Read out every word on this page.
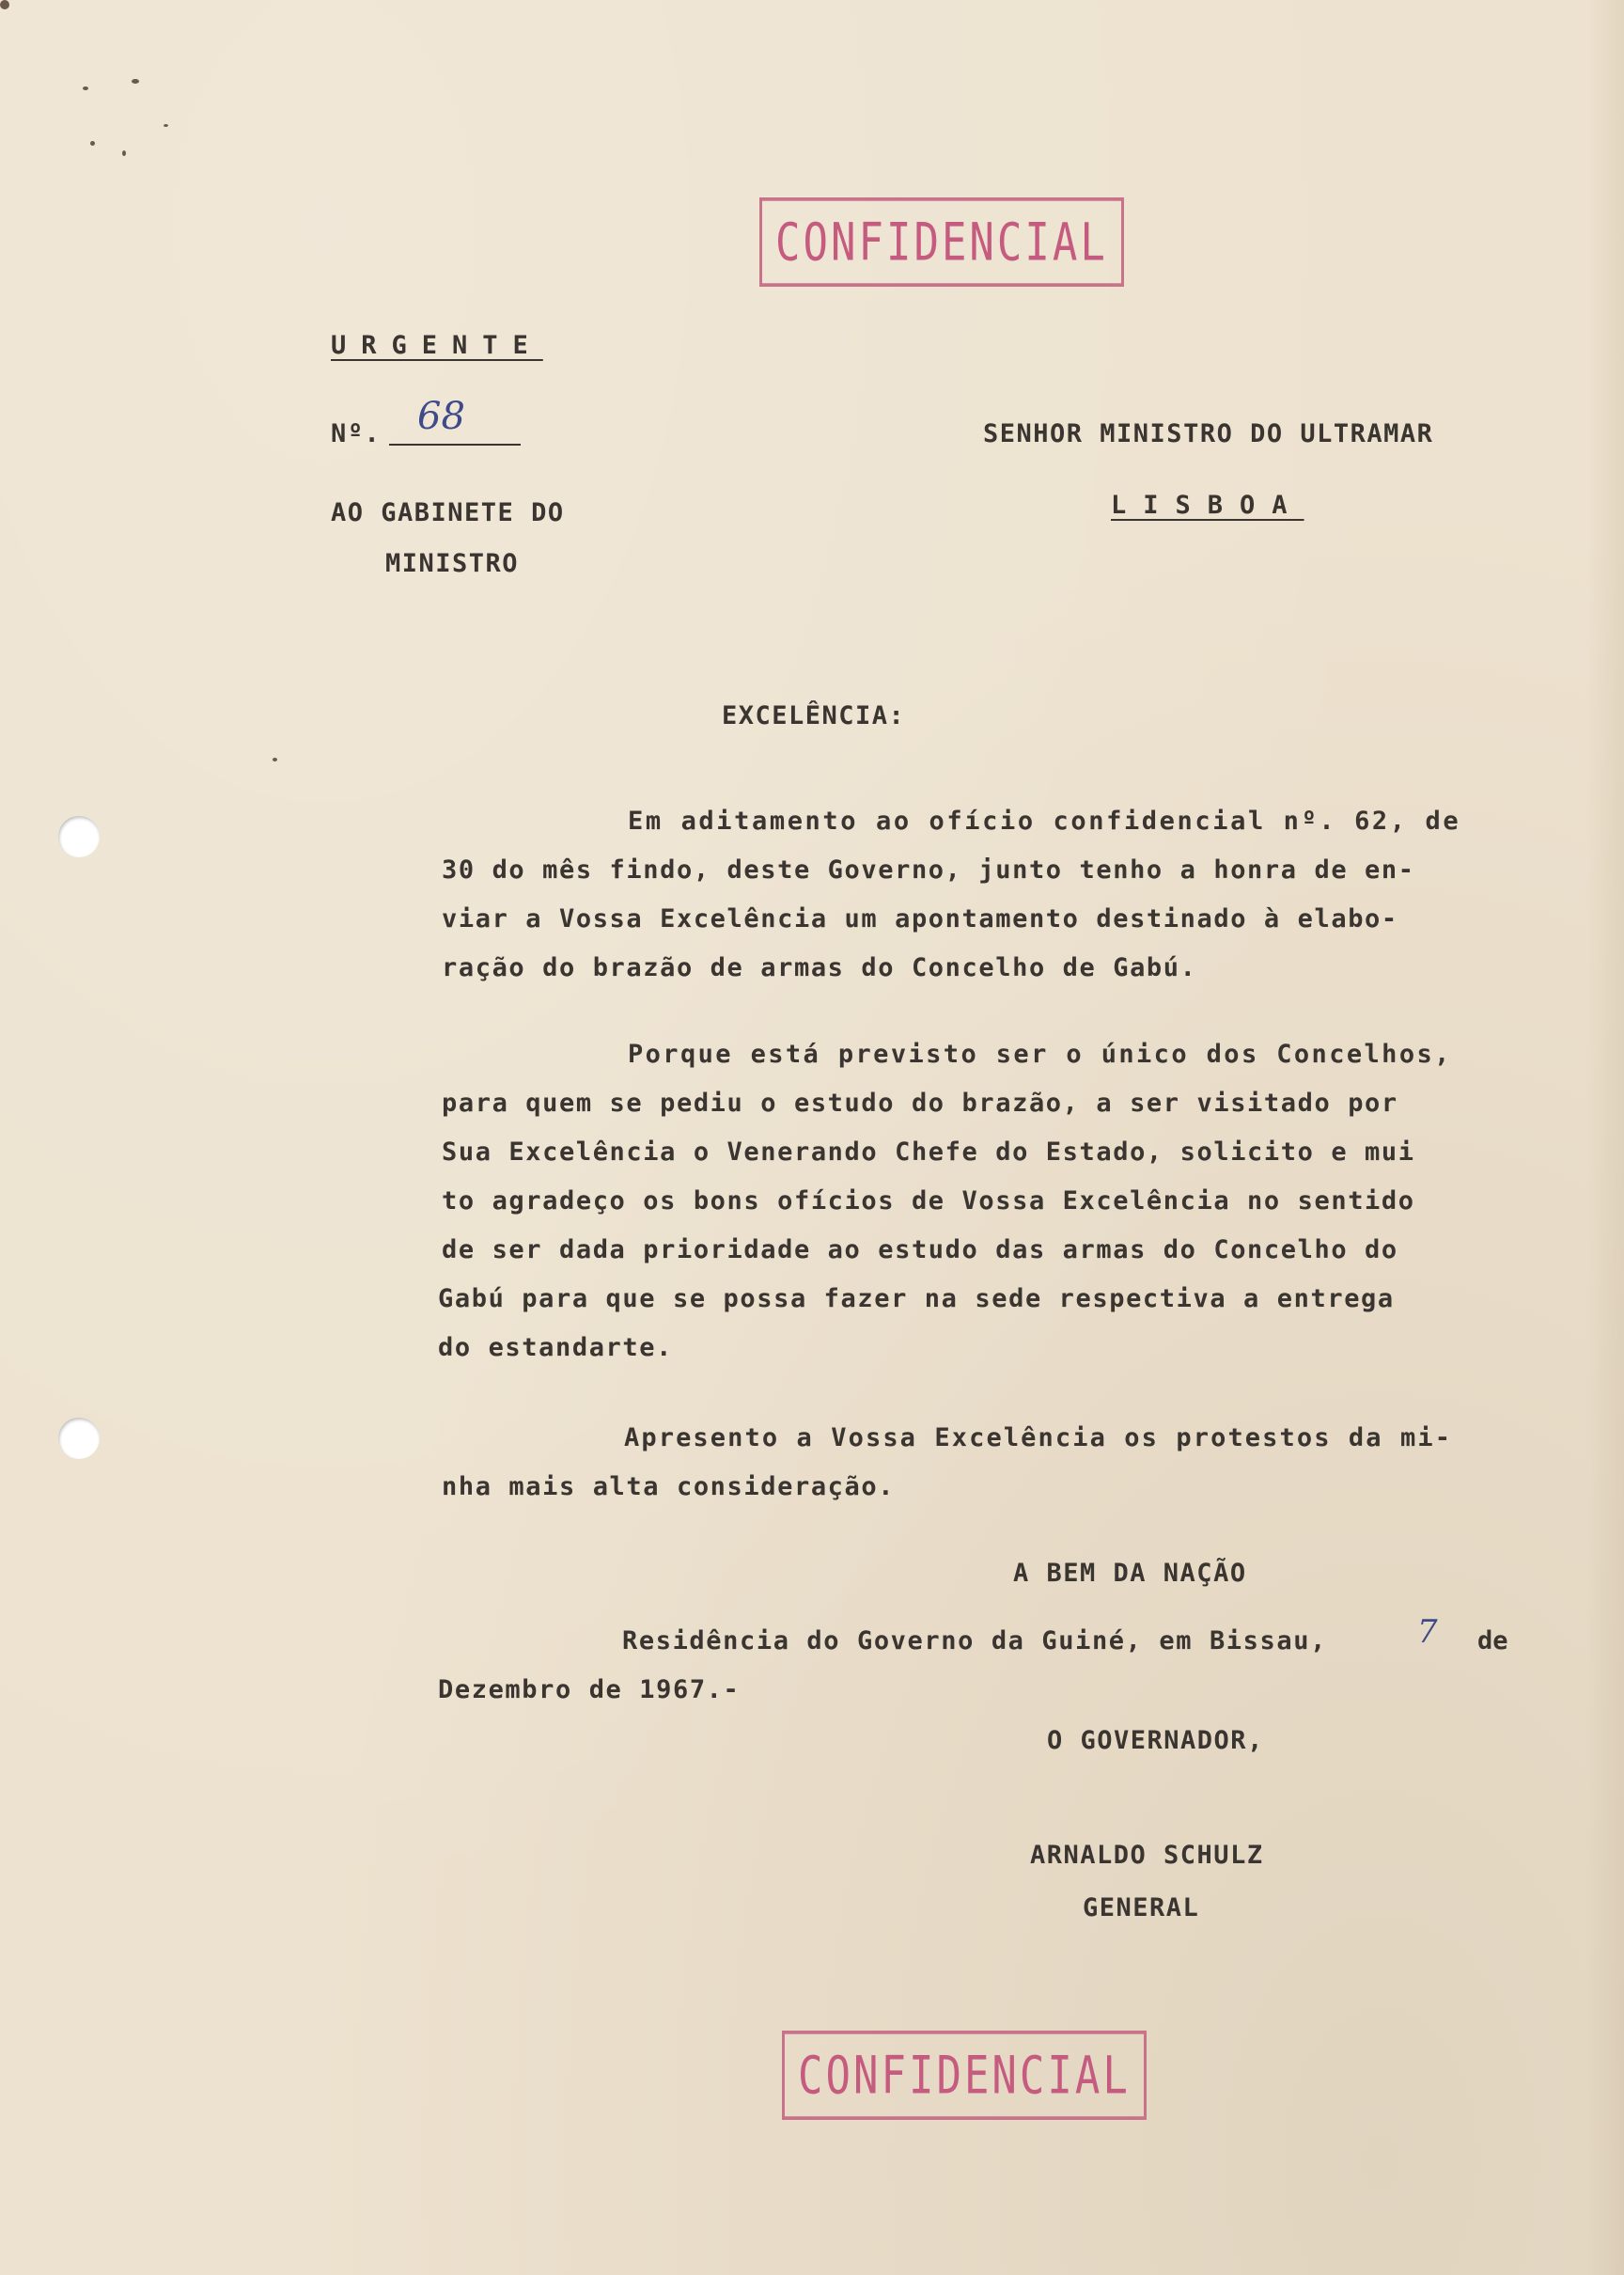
CONFIDENCIAL
URGENTE
Nº. 68
AO GABINETE DO
MINISTRO
SENHOR MINISTRO DO ULTRAMAR
LISBOA
EXCELÊNCIA:
Em aditamento ao ofício confidencial nº. 62, de
30 do mês findo, deste Governo, junto tenho a honra de en-
viar a Vossa Excelência um apontamento destinado à elabo-
ração do brazão de armas do Concelho de Gabú.
Porque está previsto ser o único dos Concelhos,
para quem se pediu o estudo do brazão, a ser visitado por
Sua Excelência o Venerando Chefe do Estado, solicito e mui
to agradeço os bons ofícios de Vossa Excelência no sentido
de ser dada prioridade ao estudo das armas do Concelho do
Gabú para que se possa fazer na sede respectiva a entrega
do estandarte.
Apresento a Vossa Excelência os protestos da mi-
nha mais alta consideração.
A BEM DA NAÇÃO
Residência do Governo da Guiné, em Bissau,	7 de
Dezembro de 1967.-
O GOVERNADOR,
ARNALDO SCHULZ
GENERAL
CONFIDENCIAL
